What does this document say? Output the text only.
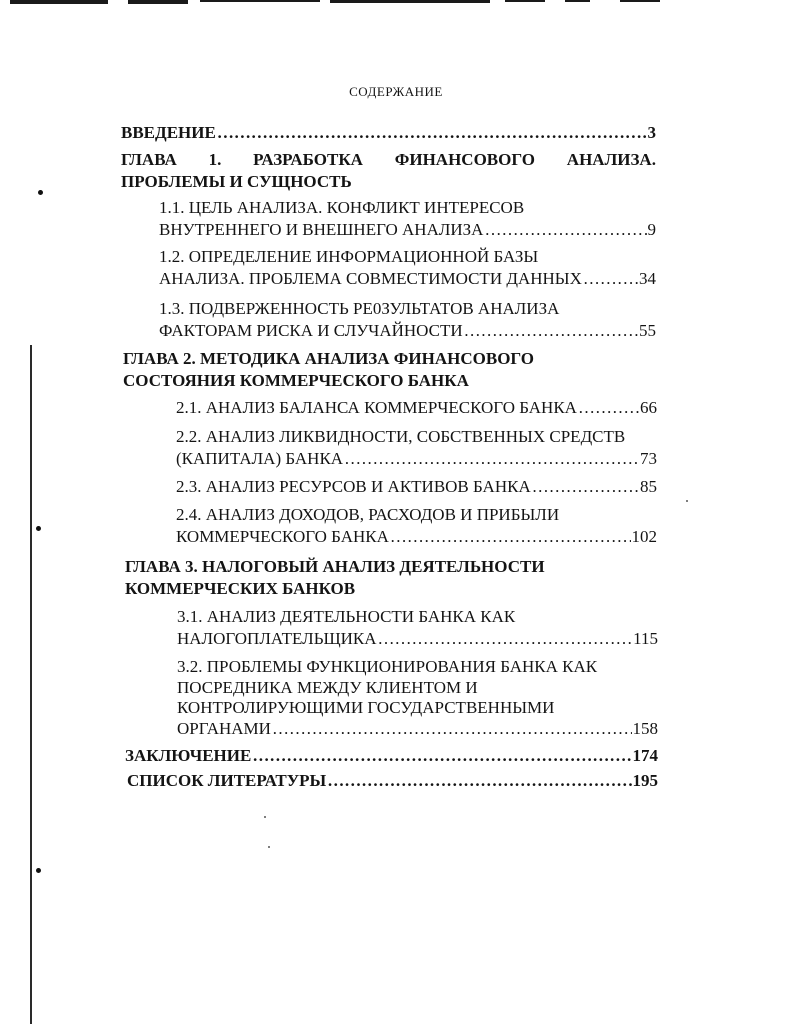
СОДЕРЖАНИЕ
ВВЕДЕНИЕ ………………………………………………………………………………………………………………………………………………………………………………	3
ГЛАВА 1. РАЗРАБОТКА ФИНАНСОВОГО АНАЛИЗА.
ПРОБЛЕМЫ И СУЩНОСТЬ
1.1. ЦЕЛЬ АНАЛИЗА. КОНФЛИКТ ИНТЕРЕСОВ
ВНУТРЕННЕГО И ВНЕШНЕГО АНАЛИЗА ………………………………………………………………………………………………………………………………………………………………………………	9
1.2. ОПРЕДЕЛЕНИЕ ИНФОРМАЦИОННОЙ БАЗЫ
АНАЛИЗА. ПРОБЛЕМА СОВМЕСТИМОСТИ ДАННЫХ ………………………………………………………………………………………………………………………………………………………………………………	34
1.3. ПОДВЕРЖЕННОСТЬ РЕ0ЗУЛЬТАТОВ АНАЛИЗА
ФАКТОРАМ РИСКА И СЛУЧАЙНОСТИ ………………………………………………………………………………………………………………………………………………………………………………	55
ГЛАВА 2. МЕТОДИКА АНАЛИЗА ФИНАНСОВОГО
СОСТОЯНИЯ КОММЕРЧЕСКОГО БАНКА
2.1. АНАЛИЗ БАЛАНСА КОММЕРЧЕСКОГО БАНКА ………………………………………………………………………………………………………………………………………………………………………………	66
2.2. АНАЛИЗ ЛИКВИДНОСТИ, СОБСТВЕННЫХ СРЕДСТВ
(КАПИТАЛА) БАНКА ………………………………………………………………………………………………………………………………………………………………………………	73
2.3. АНАЛИЗ РЕСУРСОВ И АКТИВОВ БАНКА ………………………………………………………………………………………………………………………………………………………………………………	85
2.4. АНАЛИЗ ДОХОДОВ, РАСХОДОВ И ПРИБЫЛИ
КОММЕРЧЕСКОГО БАНКА ………………………………………………………………………………………………………………………………………………………………………………	102
ГЛАВА 3. НАЛОГОВЫЙ АНАЛИЗ ДЕЯТЕЛЬНОСТИ
КОММЕРЧЕСКИХ БАНКОВ
3.1. АНАЛИЗ ДЕЯТЕЛЬНОСТИ БАНКА КАК
НАЛОГОПЛАТЕЛЬЩИКА ………………………………………………………………………………………………………………………………………………………………………………	115
3.2. ПРОБЛЕМЫ ФУНКЦИОНИРОВАНИЯ БАНКА КАК
ПОСРЕДНИКА МЕЖДУ КЛИЕНТОМ И
КОНТРОЛИРУЮЩИМИ ГОСУДАРСТВЕННЫМИ
ОРГАНАМИ ………………………………………………………………………………………………………………………………………………………………………………	158
ЗАКЛЮЧЕНИЕ ………………………………………………………………………………………………………………………………………………………………………………	174
СПИСОК ЛИТЕРАТУРЫ ………………………………………………………………………………………………………………………………………………………………………………	195
